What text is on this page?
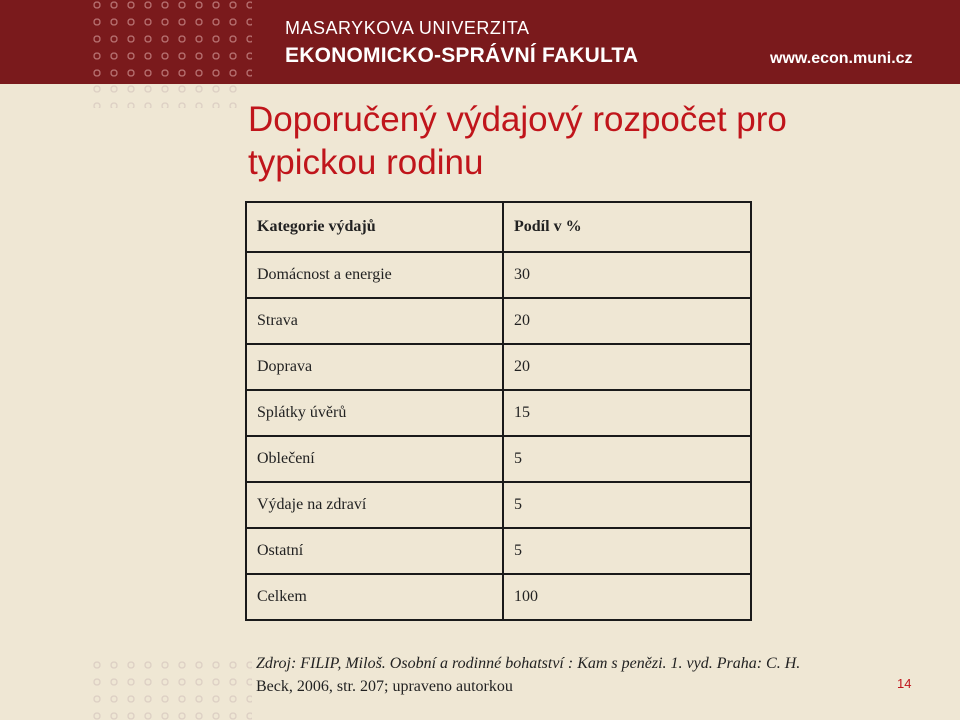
MASARYKOVA UNIVERZITA
EKONOMICKO-SPRÁVNÍ FAKULTA	www.econ.muni.cz
Doporučený výdajový rozpočet pro
typickou rodinu
Kategorie výdajů	Podíl v %
Domácnost a energie	30
Strava	20
Doprava	20
Splátky úvěrů	15
Oblečení	5
Výdaje na zdraví	5
Ostatní	5
Celkem	100
Zdroj: FILIP, Miloš. Osobní a rodinné bohatství : Kam s penězi. 1. vyd. Praha: C. H.
Beck, 2006, str. 207; upraveno autorkou	14
